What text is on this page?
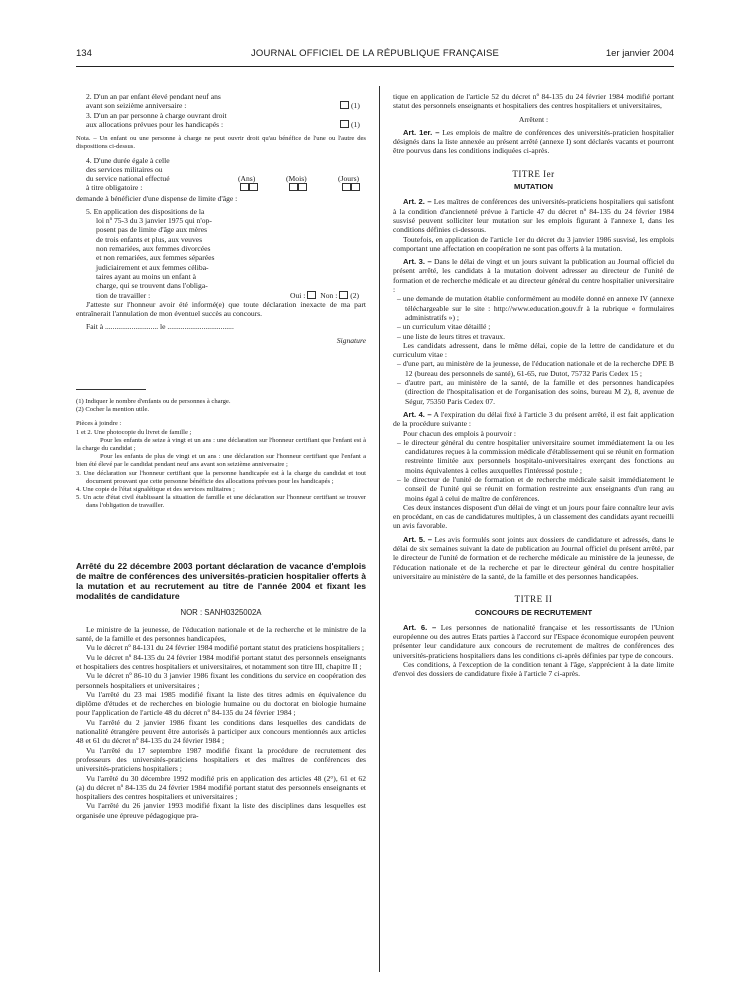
134	JOURNAL OFFICIEL DE LA RÉPUBLIQUE FRANÇAISE	1er janvier 2004
2. D'un an par enfant élevé pendant neuf ans
avant son seizième anniversaire :	(1)
3. D'un an par personne à charge ouvrant droit
aux allocations prévues pour les handicapés :	(1)

Nota. – Un enfant ou une personne à charge ne peut ouvrir droit qu'au bénéfice de l'une ou l'autre des dispositions ci-dessus.

4. D'une durée égale à celle
des services militaires ou
du service national effectué	(Ans)	(Mois)	(Jours)
à titre obligatoire :

demande à bénéficier d'une dispense de limite d'âge :

5. En application des dispositions de la
loi nº 75-3 du 3 janvier 1975 qui n'op-
posent pas de limite d'âge aux mères
de trois enfants et plus, aux veuves
non remariées, aux femmes divorcées
et non remariées, aux femmes séparées
judiciairement et aux femmes céliba-
taires ayant au moins un enfant à
charge, qui se trouvent dans l'obliga-
tion de travailler :	Oui : Non : (2)

J'atteste sur l'honneur avoir été informé(e) que toute déclaration inexacte de ma part entraînerait l'annulation de mon éventuel succès au concours.

Fait à ............................ le ...................................

Signature

(1) Indiquer le nombre d'enfants ou de personnes à charge.

(2) Cocher la mention utile.

Pièces à joindre :

1 et 2. Une photocopie du livret de famille ;

Pour les enfants de seize à vingt et un ans : une déclaration sur l'honneur certifiant que l'enfant est à la charge du candidat ;

Pour les enfants de plus de vingt et un ans : une déclaration sur l'honneur certifiant que l'enfant a bien été élevé par le candidat pendant neuf ans avant son seizième anniversaire ;

3. Une déclaration sur l'honneur certifiant que la personne handicapée est à la charge du candidat et tout document prouvant que cette personne bénéficie des allocations prévues pour les handicapés ;

4. Une copie de l'état signalétique et des services militaires ;

5. Un acte d'état civil établissant la situation de famille et une déclaration sur l'honneur certifiant se trouver dans l'obligation de travailler.

Arrêté du 22 décembre 2003 portant déclaration de vacance d'emplois de maître de conférences des universités-praticien hospitalier offerts à la mutation et au recrutement au titre de l'année 2004 et fixant les modalités de candidature

NOR : SANH0325002A

Le ministre de la jeunesse, de l'éducation nationale et de la recherche et le ministre de la santé, de la famille et des personnes handicapées,

Vu le décret nº 84-131 du 24 février 1984 modifié portant statut des praticiens hospitaliers ;

Vu le décret nº 84-135 du 24 février 1984 modifié portant statut des personnels enseignants et hospitaliers des centres hospitaliers et universitaires, et notamment son titre III, chapitre II ;

Vu le décret nº 86-10 du 3 janvier 1986 fixant les conditions du service en coopération des personnels hospitaliers et universitaires ;

Vu l'arrêté du 23 mai 1985 modifié fixant la liste des titres admis en équivalence du diplôme d'études et de recherches en biologie humaine ou du doctorat en biologie humaine pour l'application de l'article 48 du décret nº 84-135 du 24 février 1984 ;

Vu l'arrêté du 2 janvier 1986 fixant les conditions dans lesquelles des candidats de nationalité étrangère peuvent être autorisés à participer aux concours mentionnés aux articles 48 et 61 du décret nº 84-135 du 24 février 1984 ;

Vu l'arrêté du 17 septembre 1987 modifié fixant la procédure de recrutement des professeurs des universités-praticiens hospitaliers et des maîtres de conférences des universités-praticiens hospitaliers ;

Vu l'arrêté du 30 décembre 1992 modifié pris en application des articles 48 (2°), 61 et 62 (a) du décret nº 84-135 du 24 février 1984 modifié portant statut des personnels enseignants et hospitaliers des centres hospitaliers et universitaires ;

Vu l'arrêté du 26 janvier 1993 modifié fixant la liste des disciplines dans lesquelles est organisée une épreuve pédagogique pra-

tique en application de l'article 52 du décret nº 84-135 du 24 février 1984 modifié portant statut des personnels enseignants et hospitaliers des centres hospitaliers et universitaires,

Arrêtent :

Art. 1er. – Les emplois de maître de conférences des universités-praticien hospitalier désignés dans la liste annexée au présent arrêté (annexe I) sont déclarés vacants et pourront être pourvus dans les conditions indiquées ci-après.

TITRE Ier

MUTATION

Art. 2. – Les maîtres de conférences des universités-praticiens hospitaliers qui satisfont à la condition d'ancienneté prévue à l'article 47 du décret nº 84-135 du 24 février 1984 susvisé peuvent solliciter leur mutation sur les emplois figurant à l'annexe I, dans les conditions définies ci-dessous.

Toutefois, en application de l'article 1er du décret du 3 janvier 1986 susvisé, les emplois comportant une affectation en coopération ne sont pas offerts à la mutation.

Art. 3. – Dans le délai de vingt et un jours suivant la publication au Journal officiel du présent arrêté, les candidats à la mutation doivent adresser au directeur de l'unité de formation et de recherche médicale et au directeur général du centre hospitalier universitaire :

– une demande de mutation établie conformément au modèle donné en annexe IV (annexe téléchargeable sur le site : http://www.education.gouv.fr à la rubrique « formulaires administratifs ») ;

– un curriculum vitae détaillé ;

– une liste de leurs titres et travaux.

Les candidats adressent, dans le même délai, copie de la lettre de candidature et du curriculum vitae :

– d'une part, au ministère de la jeunesse, de l'éducation nationale et de la recherche DPE B 12 (bureau des personnels de santé), 61-65, rue Dutot, 75732 Paris Cedex 15 ;

– d'autre part, au ministère de la santé, de la famille et des personnes handicapées (direction de l'hospitalisation et de l'organisation des soins, bureau M 2), 8, avenue de Ségur, 75350 Paris Cedex 07.

Art. 4. – A l'expiration du délai fixé à l'article 3 du présent arrêté, il est fait application de la procédure suivante :

Pour chacun des emplois à pourvoir :

– le directeur général du centre hospitalier universitaire soumet immédiatement la ou les candidatures reçues à la commission médicale d'établissement qui se réunit en formation restreinte limitée aux personnels hospitalo-universitaires exerçant des fonctions au moins équivalentes à celles auxquelles l'intéressé postule ;

– le directeur de l'unité de formation et de recherche médicale saisit immédiatement le conseil de l'unité qui se réunit en formation restreinte aux enseignants d'un rang au moins égal à celui de maître de conférences.

Ces deux instances disposent d'un délai de vingt et un jours pour faire connaître leur avis en procédant, en cas de candidatures multiples, à un classement des candidats ayant recueilli un avis favorable.

Art. 5. – Les avis formulés sont joints aux dossiers de candidature et adressés, dans le délai de six semaines suivant la date de publication au Journal officiel du présent arrêté, par le directeur de l'unité de formation et de recherche médicale au ministère de la jeunesse, de l'éducation nationale et de la recherche et par le directeur général du centre hospitalier universitaire au ministère de la santé, de la famille et des personnes handicapées.

TITRE II

CONCOURS DE RECRUTEMENT

Art. 6. – Les personnes de nationalité française et les ressortissants de l'Union européenne ou des autres Etats parties à l'accord sur l'Espace économique européen peuvent présenter leur candidature aux concours de recrutement de maîtres de conférences des universités-praticiens hospitaliers dans les conditions ci-après définies par type de concours.

Ces conditions, à l'exception de la condition tenant à l'âge, s'apprécient à la date limite d'envoi des dossiers de candidature fixée à l'article 7 ci-après.
